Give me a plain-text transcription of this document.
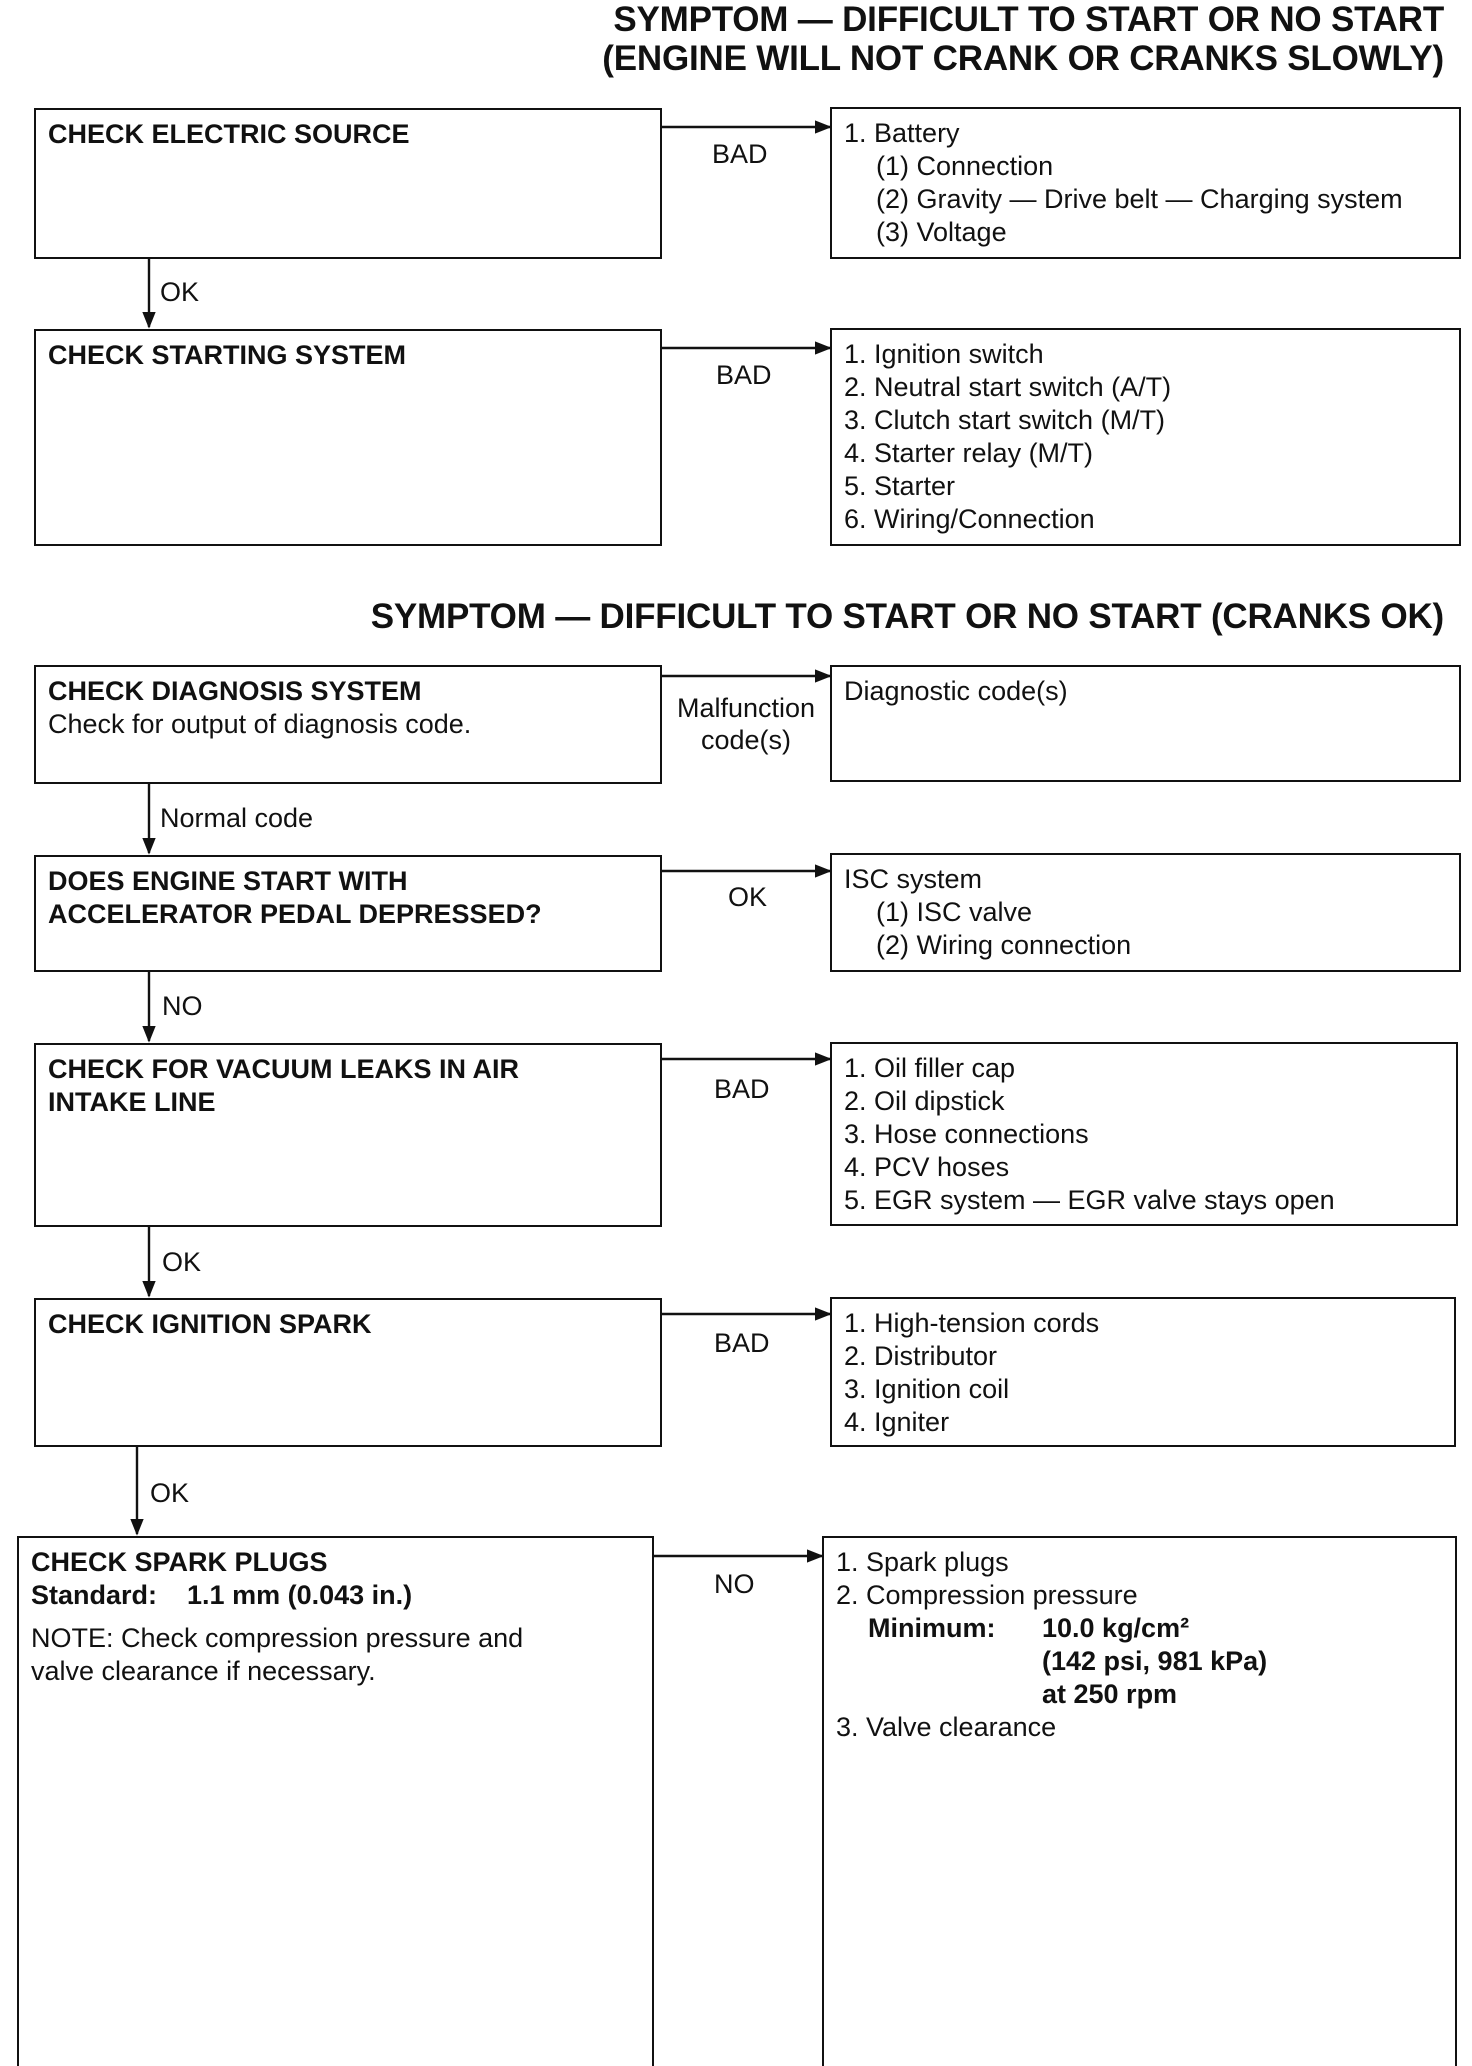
SYMPTOM — DIFFICULT TO START OR NO START
(ENGINE WILL NOT CRANK OR CRANKS SLOWLY)
CHECK ELECTRIC SOURCE
BAD
1. Battery
(1) Connection
(2) Gravity — Drive belt — Charging system
(3) Voltage
OK
CHECK STARTING SYSTEM
BAD
1. Ignition switch
2. Neutral start switch (A/T)
3. Clutch start switch (M/T)
4. Starter relay (M/T)
5. Starter
6. Wiring/Connection
SYMPTOM — DIFFICULT TO START OR NO START (CRANKS OK)
CHECK DIAGNOSIS SYSTEM
Check for output of diagnosis code.
Malfunction
code(s)
Diagnostic code(s)
Normal code
DOES ENGINE START WITH
ACCELERATOR PEDAL DEPRESSED?
OK
ISC system
(1) ISC valve
(2) Wiring connection
NO
CHECK FOR VACUUM LEAKS IN AIR
INTAKE LINE	BAD
1. Oil filler cap
2. Oil dipstick
3. Hose connections
4. PCV hoses
5. EGR system — EGR valve stays open
OK
CHECK IGNITION SPARK
BAD
1. High-tension cords
2. Distributor
3. Ignition coil
4. Igniter
OK
CHECK SPARK PLUGS
Standard: 1.1 mm (0.043 in.)
NOTE: Check compression pressure and
valve clearance if necessary.
NO
1. Spark plugs
2. Compression pressure
Minimum: 10.0 kg/cm²
(142 psi, 981 kPa)
at 250 rpm
3. Valve clearance
